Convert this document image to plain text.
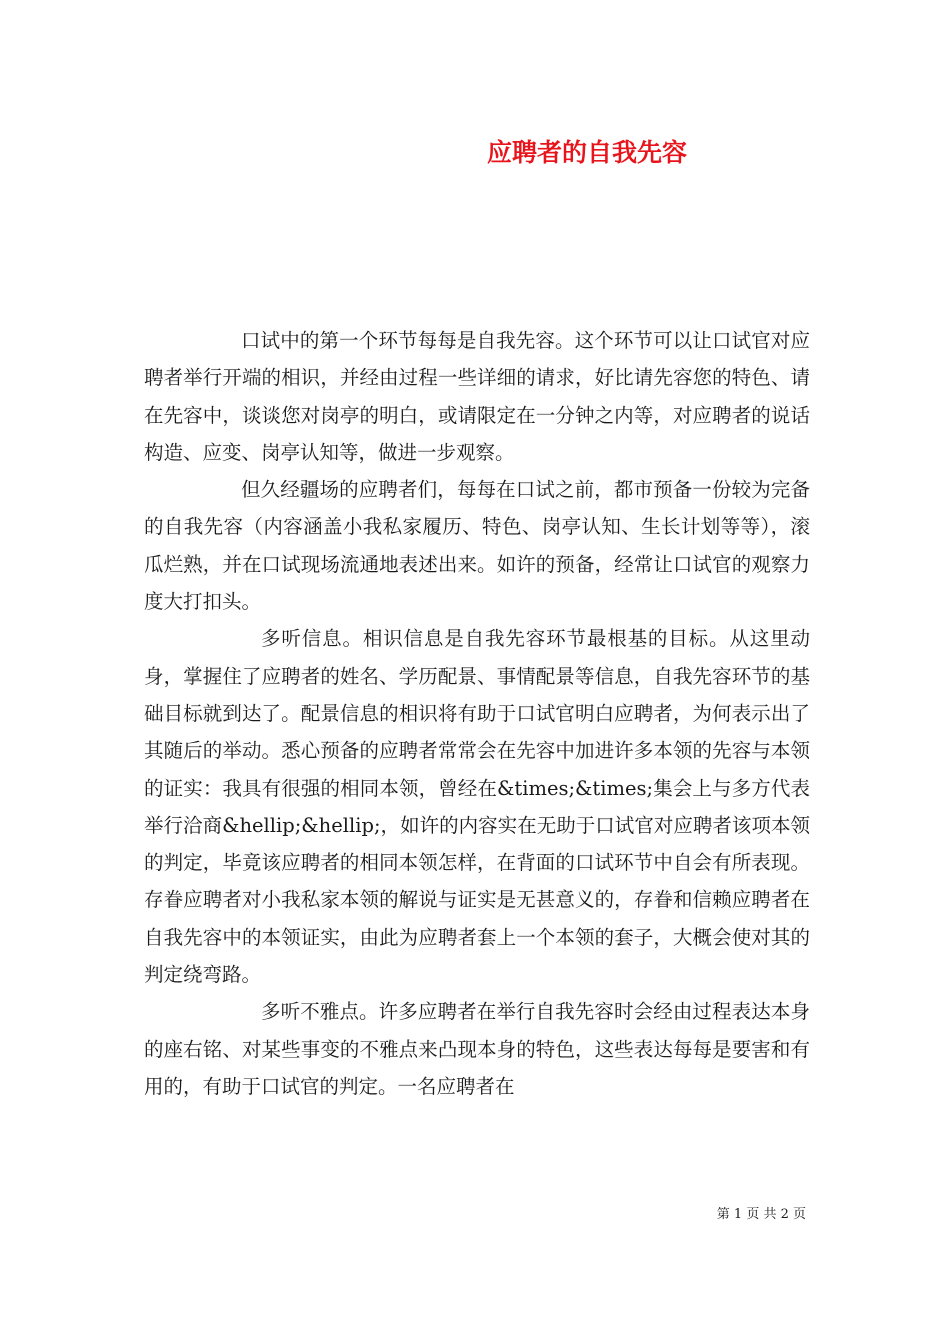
应聘者的自我先容

口试中的第一个环节每每是自我先容。这个环节可以让口试官对应聘者举行开端的相识，并经由过程一些详细的请求，好比请先容您的特色、请在先容中，谈谈您对岗亭的明白，或请限定在一分钟之内等，对应聘者的说话构造、应变、岗亭认知等，做进一步观察。

但久经疆场的应聘者们，每每在口试之前，都市预备一份较为完备的自我先容（内容涵盖小我私家履历、特色、岗亭认知、生长计划等等），滚瓜烂熟，并在口试现场流通地表述出来。如许的预备，经常让口试官的观察力度大打扣头。

多听信息。相识信息是自我先容环节最根基的目标。从这里动身，掌握住了应聘者的姓名、学历配景、事情配景等信息，自我先容环节的基础目标就到达了。配景信息的相识将有助于口试官明白应聘者，为何表示出了其随后的举动。悉心预备的应聘者常常会在先容中加进许多本领的先容与本领的证实：我具有很强的相同本领，曾经在&times;&times;集会上与多方代表举行洽商&hellip;&hellip;，如许的内容实在无助于口试官对应聘者该项本领的判定，毕竟该应聘者的相同本领怎样，在背面的口试环节中自会有所表现。存眷应聘者对小我私家本领的解说与证实是无甚意义的，存眷和信赖应聘者在自我先容中的本领证实，由此为应聘者套上一个本领的套子，大概会使对其的判定绕弯路。

多听不雅点。许多应聘者在举行自我先容时会经由过程表达本身的座右铭、对某些事变的不雅点来凸现本身的特色，这些表达每每是要害和有用的，有助于口试官的判定。一名应聘者在

第 1 页 共 2 页
